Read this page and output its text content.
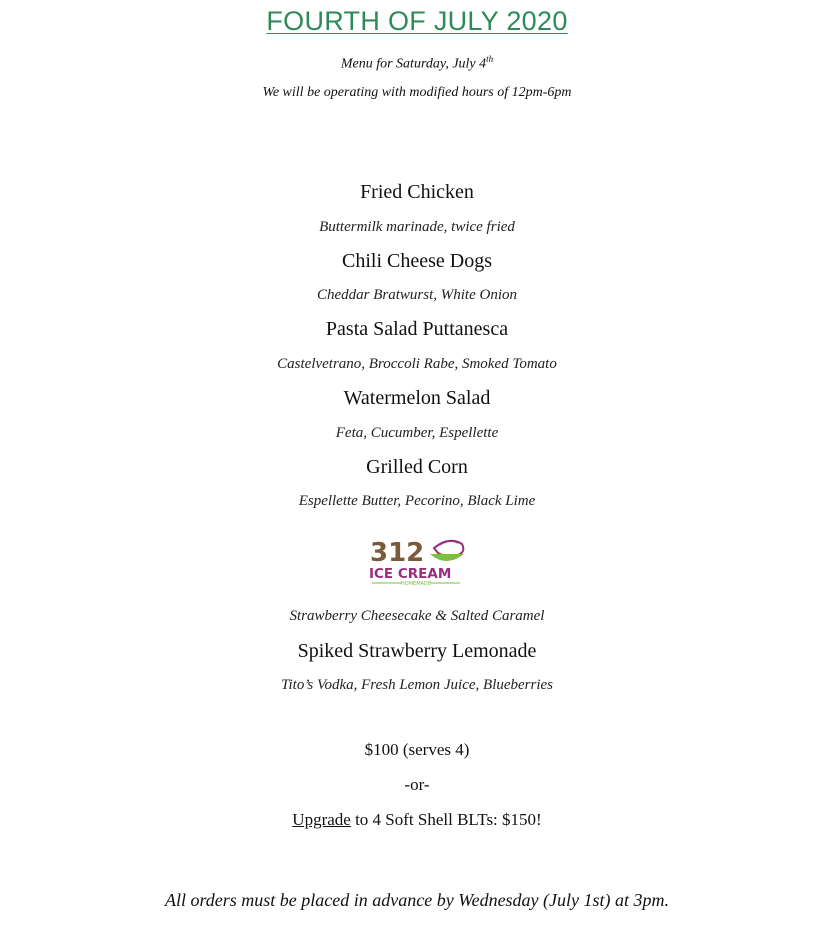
FOURTH OF JULY 2020
Menu for Saturday, July 4th
We will be operating with modified hours of 12pm-6pm
Fried Chicken
Buttermilk marinade, twice fried
Chili Cheese Dogs
Cheddar Bratwurst, White Onion
Pasta Salad Puttanesca
Castelvetrano, Broccoli Rabe, Smoked Tomato
Watermelon Salad
Feta, Cucumber, Espellette
Grilled Corn
Espellette Butter, Pecorino, Black Lime
312
ICE CREAM
HOMEMADE
Strawberry Cheesecake & Salted Caramel
Spiked Strawberry Lemonade
Tito’s Vodka, Fresh Lemon Juice, Blueberries
$100 (serves 4)
-or-
Upgrade to 4 Soft Shell BLTs: $150!
All orders must be placed in advance by Wednesday (July 1st) at 3pm.
